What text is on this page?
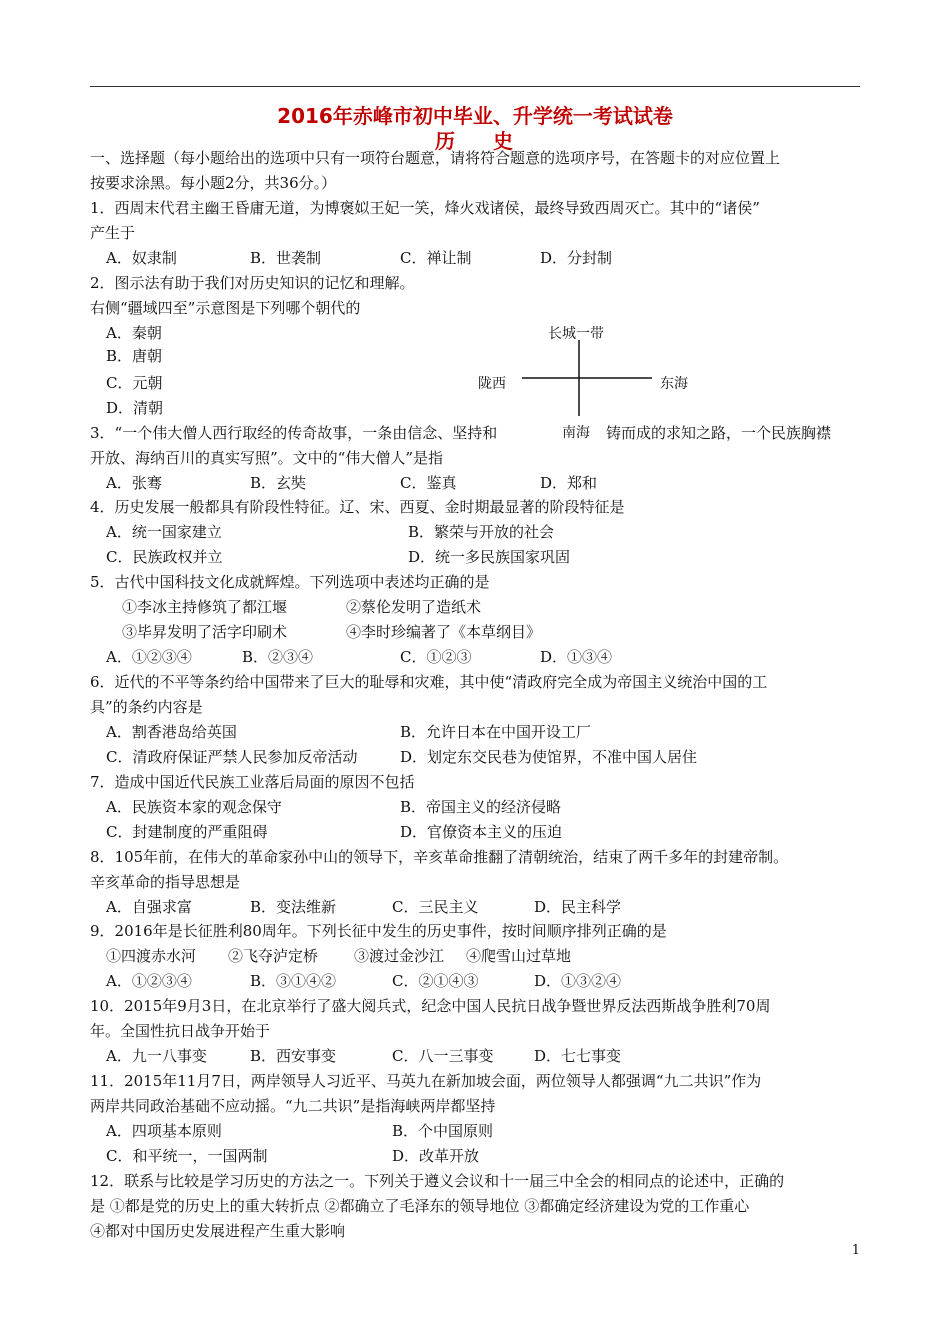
2016年赤峰市初中毕业、升学统一考试试卷
历 史
一、选择题（每小题给出的选项中只有一项符台题意，请将符合题意的选项序号，在答题卡的对应位置上
按要求涂黑。每小题2分，共36分。）
1．西周末代君主幽王昏庸无道，为博褒姒王妃一笑，烽火戏诸侯，最终导致西周灭亡。其中的“诸侯”
产生于
A．奴隶制	B．世袭制	C．禅让制	D．分封制
2．图示法有助于我们对历史知识的记忆和理解。
右侧“疆域四至”示意图是下列哪个朝代的
A．秦朝
B．唐朝
C．元朝
D．清朝
长城一带
陇西	东海
3．“一个伟大僧人西行取经的传奇故事，一条由信念、坚持和	南海 铸而成的求知之路，一个民族胸襟
开放、海纳百川的真实写照”。文中的“伟大僧人”是指
A．张骞	B．玄奘	C．鉴真	D．郑和
4．历史发展一般都具有阶段性特征。辽、宋、西夏、金时期最显著的阶段特征是
A．统一国家建立	B．繁荣与开放的社会
C．民族政权并立	D．统一多民族国家巩固
5．古代中国科技文化成就辉煌。下列选项中表述均正确的是
①李冰主持修筑了都江堰	②蔡伦发明了造纸术
③毕昇发明了活字印刷术	④李时珍编著了《本草纲目》
A．①②③④	B．②③④	C．①②③	D．①③④
6．近代的不平等条约给中国带来了巨大的耻辱和灾难，其中使“清政府完全成为帝国主义统治中国的工
具”的条约内容是
A．割香港岛给英国	B．允许日本在中国开设工厂
C．清政府保证严禁人民参加反帝活动	D．划定东交民巷为使馆界，不准中国人居住
7．造成中国近代民族工业落后局面的原因不包括
A．民族资本家的观念保守	B．帝国主义的经济侵略
C．封建制度的严重阻碍	D．官僚资本主义的压迫
8．105年前，在伟大的革命家孙中山的领导下，辛亥革命推翻了清朝统治，结束了两千多年的封建帝制。
辛亥革命的指导思想是
A．自强求富	B．变法维新	C．三民主义	D．民主科学
9．2016年是长征胜利80周年。下列长征中发生的历史事件，按时间顺序排列正确的是
①四渡赤水河 ②飞夺泸定桥 ③渡过金沙江 ④爬雪山过草地
A．①②③④	B．③①④②	C．②①④③	D．①③②④
10．2015年9月3日，在北京举行了盛大阅兵式，纪念中国人民抗日战争暨世界反法西斯战争胜利70周
年。全国性抗日战争开始于
A．九一八事变	B．西安事变	C．八一三事变	D．七七事变
11．2015年11月7日，两岸领导人习近平、马英九在新加坡会面，两位领导人都强调“九二共识”作为
两岸共同政治基础不应动摇。“九二共识”是指海峡两岸都坚持
A．四项基本原则	B．个中国原则
C．和平统一，一国两制	D．改革开放
12．联系与比较是学习历史的方法之一。下列关于遵义会议和十一届三中全会的相同点的论述中，正确的
是 ①都是党的历史上的重大转折点 ②都确立了毛泽东的领导地位 ③都确定经济建设为党的工作重心
④都对中国历史发展进程产生重大影响
1
